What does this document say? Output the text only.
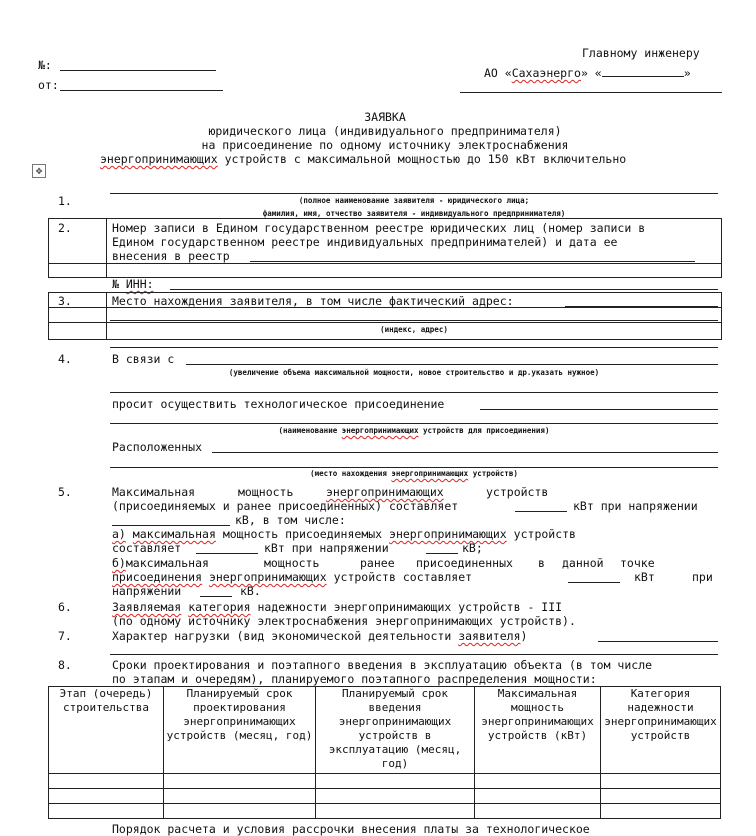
Главному инженеру
АО «Сахаэнерго» «	»
№:
от:
ЗАЯВКА
юридического лица (индивидуального предпринимателя)
на присоединение по одному источнику электроснабжения
энергопринимающих устройств с максимальной мощностью до 150 кВт включительно
✥
1.	(полное наименование заявителя - юридического лица;
фамилия, имя, отчество заявителя - индивидуального предпринимателя)
2.	Номер записи в Едином государственном реестре юридических лиц (номер записи в
Едином государственном реестре индивидуальных предпринимателей) и дата ее
внесения в реестр
№ ИНН:
3.	Место нахождения заявителя, в том числе фактический адрес:
(индекс, адрес)
4.	В связи с
(увеличение объема максимальной мощности, новое строительство и др.указать нужное)
просит осуществить технологическое присоединение
(наименование энергопринимающих устройств для присоединения)
Расположенных
(место нахождения энергопринимающих устройств)
5.	Максимальная	мощность	энергопринимающих	устройств
(присоединяемых и ранее присоединенных) составляет	кВт при напряжении
кВ, в том числе:
а) максимальная мощность присоединяемых энергопринимающих устройств
составляет	кВт при напряжении	кВ;
б)максимальная	мощность	ранее присоединенных в данной точке
присоединения энергопринимающих устройств составляет	кВт	при
напряжении	кВ.
6.	Заявляемая категория надежности энергопринимающих устройств - III
(по одному источнику электроснабжения энергопринимающих устройств).
7.	Характер нагрузки (вид экономической деятельности заявителя)
8.	Сроки проектирования и поэтапного введения в эксплуатацию объекта (в том числе
по этапам и очередям), планируемого поэтапного распределения мощности:
Этап (очередь) строительства	Планируемый срок проектирования энергопринимающих устройств (месяц, год)	Планируемый срок введения энергопринимающих устройств в эксплуатацию (месяц, год)	Максимальная мощность энергопринимающих устройств (кВт)	Категория надежности энергопринимающих устройств

Порядок расчета и условия рассрочки внесения платы за технологическое
